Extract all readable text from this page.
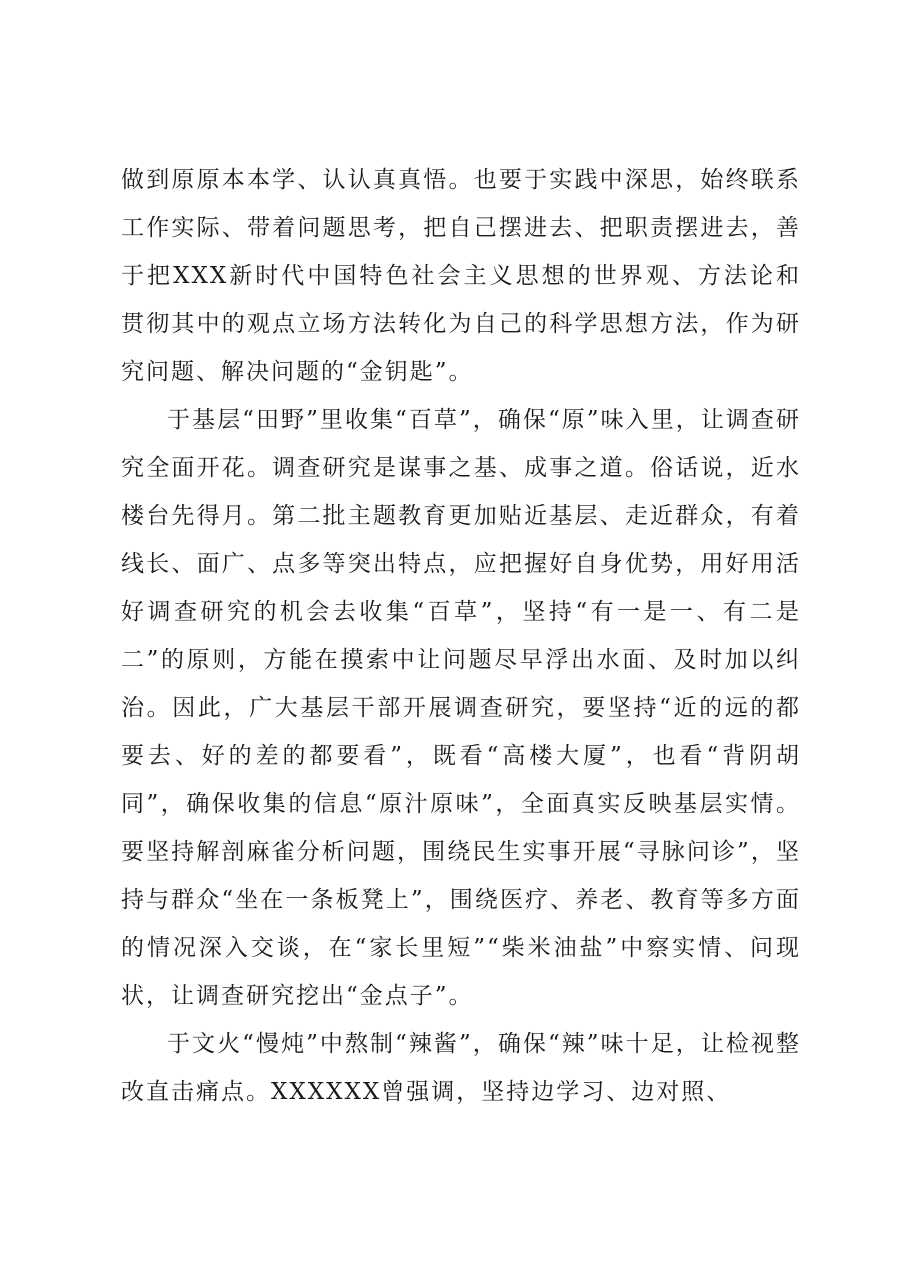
做到原原本本学、认认真真悟。也要于实践中深思，始终联系工作实际、带着问题思考，把自己摆进去、把职责摆进去，善于把XXX新时代中国特色社会主义思想的世界观、方法论和贯彻其中的观点立场方法转化为自己的科学思想方法，作为研究问题、解决问题的“金钥匙”。

于基层“田野”里收集“百草”，确保“原”味入里，让调查研究全面开花。调查研究是谋事之基、成事之道。俗话说，近水楼台先得月。第二批主题教育更加贴近基层、走近群众，有着线长、面广、点多等突出特点，应把握好自身优势，用好用活好调查研究的机会去收集“百草”，坚持“有一是一、有二是二”的原则，方能在摸索中让问题尽早浮出水面、及时加以纠治。因此，广大基层干部开展调查研究，要坚持“近的远的都要去、好的差的都要看”，既看“高楼大厦”，也看“背阴胡同”，确保收集的信息“原汁原味”，全面真实反映基层实情。要坚持解剖麻雀分析问题，围绕民生实事开展“寻脉问诊”，坚持与群众“坐在一条板凳上”，围绕医疗、养老、教育等多方面的情况深入交谈，在“家长里短”“柴米油盐”中察实情、问现状，让调查研究挖出“金点子”。

于文火“慢炖”中熬制“辣酱”，确保“辣”味十足，让检视整改直击痛点。XXXXXX曾强调，坚持边学习、边对照、
